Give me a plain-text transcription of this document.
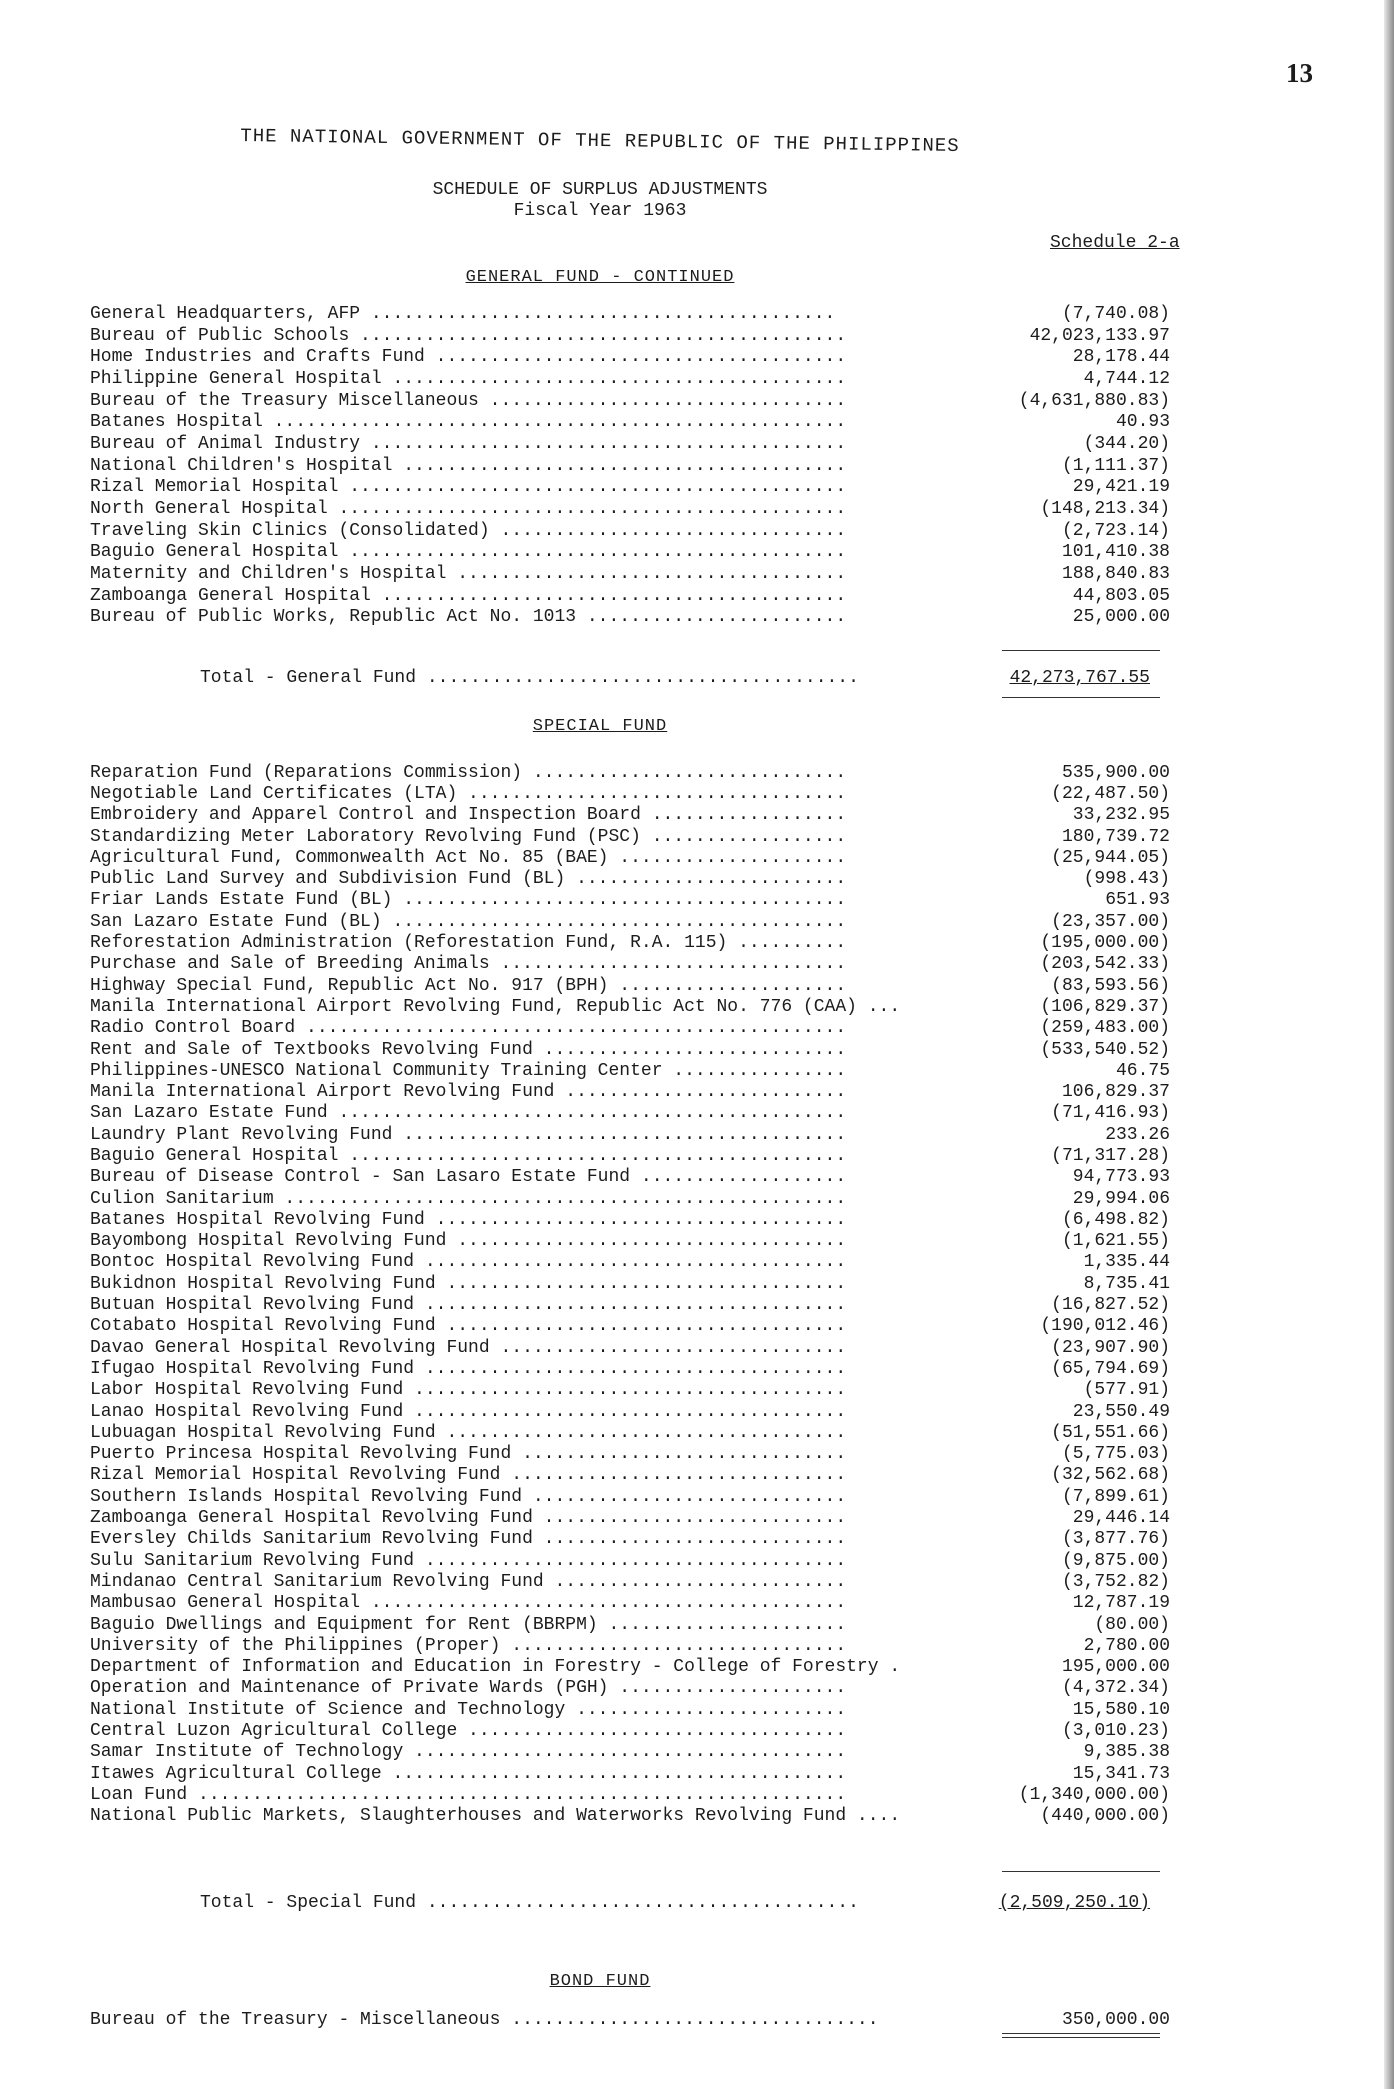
13
THE NATIONAL GOVERNMENT OF THE REPUBLIC OF THE PHILIPPINES
SCHEDULE OF SURPLUS ADJUSTMENTS
Fiscal Year 1963
Schedule 2-a
GENERAL FUND - CONTINUED
General Headquarters, AFP ...........................................	(7,740.08)
Bureau of Public Schools .............................................	42,023,133.97
Home Industries and Crafts Fund ......................................	28,178.44
Philippine General Hospital ..........................................	4,744.12
Bureau of the Treasury Miscellaneous .................................	(4,631,880.83)
Batanes Hospital .....................................................	40.93
Bureau of Animal Industry ............................................	(344.20)
National Children's Hospital .........................................	(1,111.37)
Rizal Memorial Hospital ..............................................	29,421.19
North General Hospital ...............................................	(148,213.34)
Traveling Skin Clinics (Consolidated) ................................	(2,723.14)
Baguio General Hospital ..............................................	101,410.38
Maternity and Children's Hospital ....................................	188,840.83
Zamboanga General Hospital ...........................................	44,803.05
Bureau of Public Works, Republic Act No. 1013 ........................	25,000.00
Total - General Fund ........................................	42,273,767.55
SPECIAL FUND
Reparation Fund (Reparations Commission) .............................	535,900.00
Negotiable Land Certificates (LTA) ...................................	(22,487.50)
Embroidery and Apparel Control and Inspection Board ..................	33,232.95
Standardizing Meter Laboratory Revolving Fund (PSC) ..................	180,739.72
Agricultural Fund, Commonwealth Act No. 85 (BAE) .....................	(25,944.05)
Public Land Survey and Subdivision Fund (BL) .........................	(998.43)
Friar Lands Estate Fund (BL) .........................................	651.93
San Lazaro Estate Fund (BL) ..........................................	(23,357.00)
Reforestation Administration (Reforestation Fund, R.A. 115) ..........	(195,000.00)
Purchase and Sale of Breeding Animals ................................	(203,542.33)
Highway Special Fund, Republic Act No. 917 (BPH) .....................	(83,593.56)
Manila International Airport Revolving Fund, Republic Act No. 776 (CAA) ...	(106,829.37)
Radio Control Board ..................................................	(259,483.00)
Rent and Sale of Textbooks Revolving Fund ............................	(533,540.52)
Philippines-UNESCO National Community Training Center ................	46.75
Manila International Airport Revolving Fund ..........................	106,829.37
San Lazaro Estate Fund ...............................................	(71,416.93)
Laundry Plant Revolving Fund .........................................	233.26
Baguio General Hospital ..............................................	(71,317.28)
Bureau of Disease Control - San Lasaro Estate Fund ...................	94,773.93
Culion Sanitarium ....................................................	29,994.06
Batanes Hospital Revolving Fund ......................................	(6,498.82)
Bayombong Hospital Revolving Fund ....................................	(1,621.55)
Bontoc Hospital Revolving Fund .......................................	1,335.44
Bukidnon Hospital Revolving Fund .....................................	8,735.41
Butuan Hospital Revolving Fund .......................................	(16,827.52)
Cotabato Hospital Revolving Fund .....................................	(190,012.46)
Davao General Hospital Revolving Fund ................................	(23,907.90)
Ifugao Hospital Revolving Fund .......................................	(65,794.69)
Labor Hospital Revolving Fund ........................................	(577.91)
Lanao Hospital Revolving Fund ........................................	23,550.49
Lubuagan Hospital Revolving Fund .....................................	(51,551.66)
Puerto Princesa Hospital Revolving Fund ..............................	(5,775.03)
Rizal Memorial Hospital Revolving Fund ...............................	(32,562.68)
Southern Islands Hospital Revolving Fund .............................	(7,899.61)
Zamboanga General Hospital Revolving Fund ............................	29,446.14
Eversley Childs Sanitarium Revolving Fund ............................	(3,877.76)
Sulu Sanitarium Revolving Fund .......................................	(9,875.00)
Mindanao Central Sanitarium Revolving Fund ...........................	(3,752.82)
Mambusao General Hospital ............................................	12,787.19
Baguio Dwellings and Equipment for Rent (BBRPM) ......................	(80.00)
University of the Philippines (Proper) ...............................	2,780.00
Department of Information and Education in Forestry - College of Forestry .	195,000.00
Operation and Maintenance of Private Wards (PGH) .....................	(4,372.34)
National Institute of Science and Technology .........................	15,580.10
Central Luzon Agricultural College ...................................	(3,010.23)
Samar Institute of Technology ........................................	9,385.38
Itawes Agricultural College ..........................................	15,341.73
Loan Fund ............................................................	(1,340,000.00)
National Public Markets, Slaughterhouses and Waterworks Revolving Fund ....	(440,000.00)
Total - Special Fund ........................................	(2,509,250.10)
BOND FUND
Bureau of the Treasury - Miscellaneous ..................................	350,000.00
